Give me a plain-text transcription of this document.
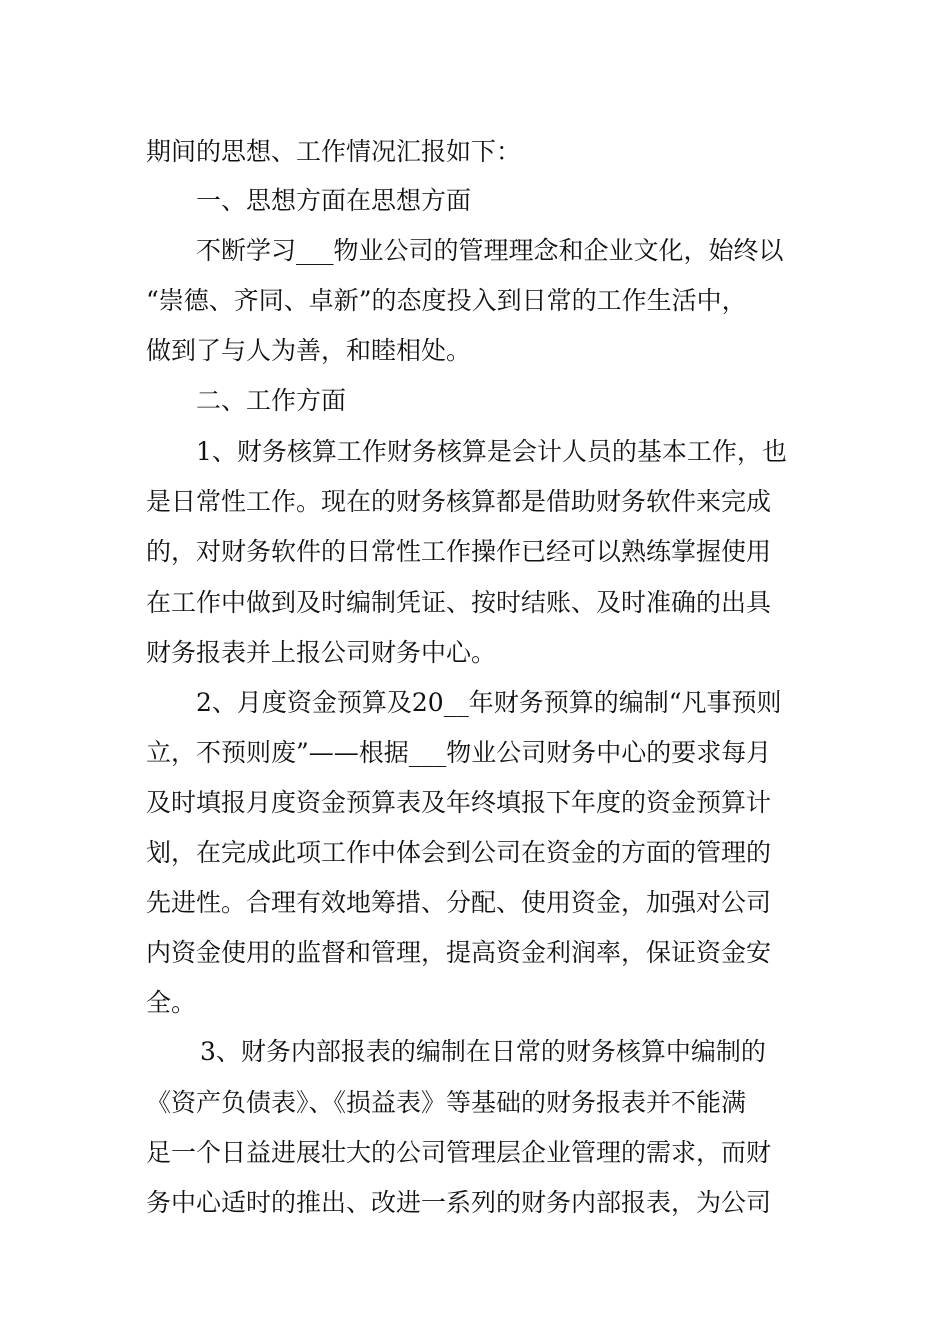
期间的思想、工作情况汇报如下：
一、思想方面在思想方面
不断学习___物业公司的管理理念和企业文化，始终以
“崇德、齐同、卓新”的态度投入到日常的工作生活中，
做到了与人为善，和睦相处。
二、工作方面
1、财务核算工作财务核算是会计人员的基本工作，也
是日常性工作。现在的财务核算都是借助财务软件来完成
的，对财务软件的日常性工作操作已经可以熟练掌握使用
在工作中做到及时编制凭证、按时结账、及时准确的出具
财务报表并上报公司财务中心。
2、月度资金预算及20__年财务预算的编制“凡事预则
立，不预则废”——根据___物业公司财务中心的要求每月
及时填报月度资金预算表及年终填报下年度的资金预算计
划，在完成此项工作中体会到公司在资金的方面的管理的
先进性。合理有效地筹措、分配、使用资金，加强对公司
内资金使用的监督和管理，提高资金利润率，保证资金安
全。
3、财务内部报表的编制在日常的财务核算中编制的
《资产负债表》、《损益表》等基础的财务报表并不能满
足一个日益进展壮大的公司管理层企业管理的需求，而财
务中心适时的推出、改进一系列的财务内部报表，为公司
